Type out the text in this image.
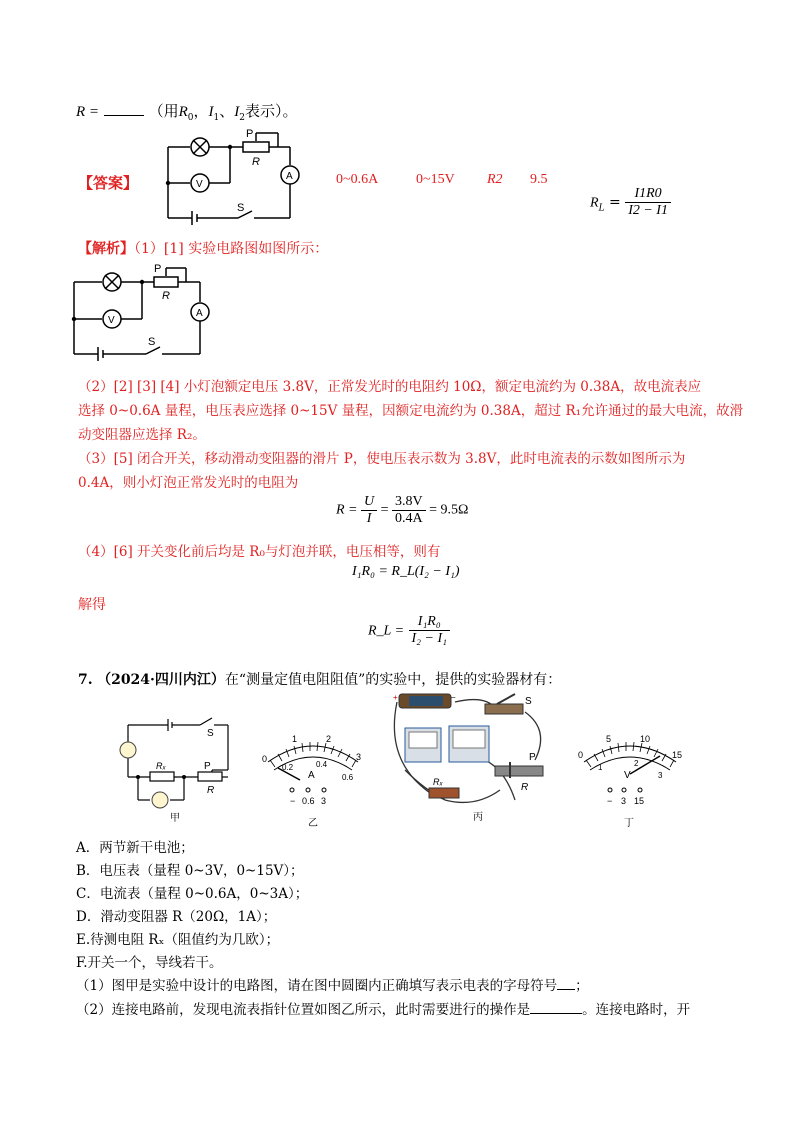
R =	（用$R_0$，$I_1$、$I_2$表示）。
【答案】	V
A
P
R
S
0~0.6A	0~15V R2 9.5
$R_L = \frac{I1R0}{I2 - I1}$
【解析】（1）[1] 实验电路图如图所示：
V
A
P
R
S
（2）[2] [3] [4] 小灯泡额定电压 3.8V，正常发光时的电阻约 10Ω，额定电流约为 0.38A，故电流表应
选择 0~0.6A 量程，电压表应选择 0~15V 量程，因额定电流约为 0.38A，超过 R₁允许通过的最大电流，故滑
动变阻器应选择 R₂。
（3）[5] 闭合开关，移动滑动变阻器的滑片 P，使电压表示数为 3.8V，此时电流表的示数如图所示为
0.4A，则小灯泡正常发光时的电阻为
$R = \frac{U}{I} = \frac{3.8V}{0.4A} = 9.5\Omega$
（4）[6] 开关变化前后均是 R₀与灯泡并联，电压相等，则有
I₁R₀ = R_L(I₂ − I₁)
解得
R_L = $\frac{\text{I₁R₀}}{\text{I₂ − I₁}}$
7. （2024·四川内江）在“测量定值电阻阻值”的实验中，提供的实验器材有：
S
P
Rₓ
R
甲
0
1	2
3
0.2	0.4
0.6
A
− 0.6 3
乙
+	−	S
P
R
Rₓ
丙
0
5	10
15
1	2
3
V
− 3 15
丁
A．两节新干电池；
B．电压表（量程 0~3V，0~15V）；
C．电流表（量程 0~0.6A，0~3A）；
D．滑动变阻器 R（20Ω，1A）；
E.待测电阻 Rₓ（阻值约为几欧）；
F.开关一个，导线若干。
（1）图甲是实验中设计的电路图，请在图中圆圈内正确填写表示电表的字母符号 ；
（2）连接电路前，发现电流表指针位置如图乙所示，此时需要进行的操作是	。连接电路时，开
